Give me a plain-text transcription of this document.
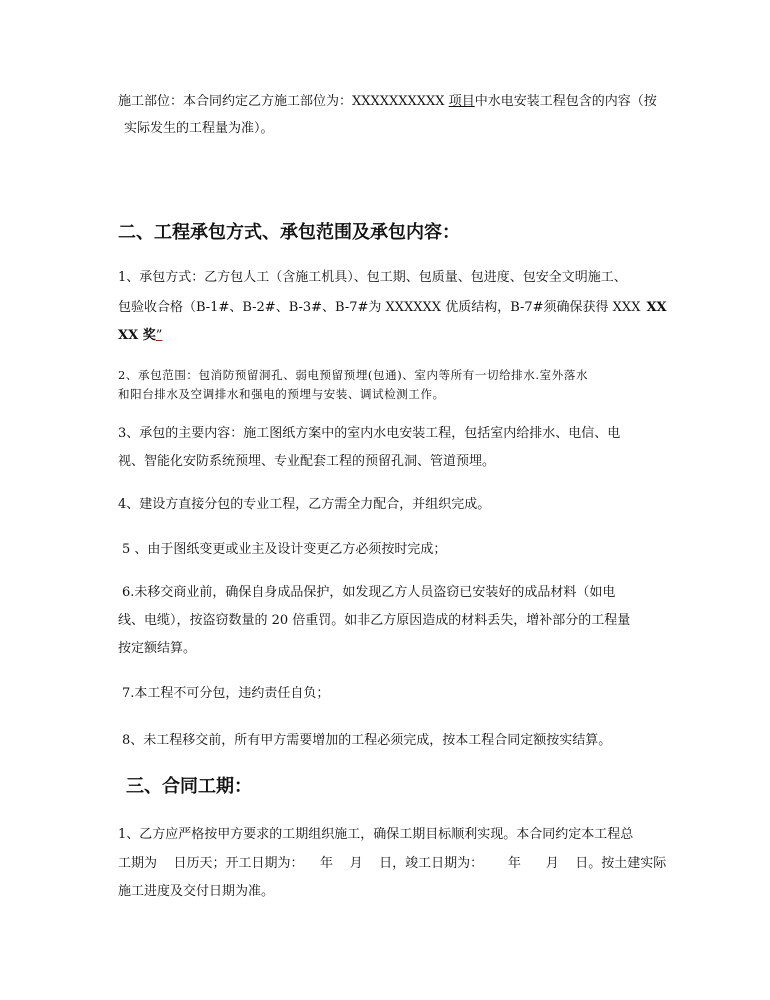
施工部位：本合同约定乙方施工部位为：XXXXXXXXXX 项目中水电安装工程包含的内容（按
实际发生的工程量为准）。
二、工程承包方式、承包范围及承包内容：
1、承包方式：乙方包人工（含施工机具）、包工期、包质量、包进度、包安全文明施工、
包验收合格（B-1#、B-2#、B-3#、B-7#为 XXXXXX 优质结构，B-7#须确保获得 XXX XX
XX 奖”
2、承包范围：包消防预留洞孔、弱电预留预埋(包通)、室内等所有一切给排水.室外落水
和阳台排水及空调排水和强电的预埋与安装、调试检测工作。
3、承包的主要内容：施工图纸方案中的室内水电安装工程，包括室内给排水、电信、电
视、智能化安防系统预埋、专业配套工程的预留孔洞、管道预埋。
4、建设方直接分包的专业工程，乙方需全力配合，并组织完成。
5 、由于图纸变更或业主及设计变更乙方必须按时完成；
6.未移交商业前，确保自身成品保护，如发现乙方人员盗窃已安装好的成品材料（如电
线、电缆），按盗窃数量的 20 倍重罚。如非乙方原因造成的材料丢失，增补部分的工程量
按定额结算。
7.本工程不可分包，违约责任自负；
8、未工程移交前，所有甲方需要增加的工程必须完成，按本工程合同定额按实结算。
三、合同工期：
1、乙方应严格按甲方要求的工期组织施工，确保工期目标顺利实现。本合同约定本工程总
工期为    日历天；开工日期为：    年    月    日，竣工日期为：      年      月    日。按土建实际
施工进度及交付日期为准。
